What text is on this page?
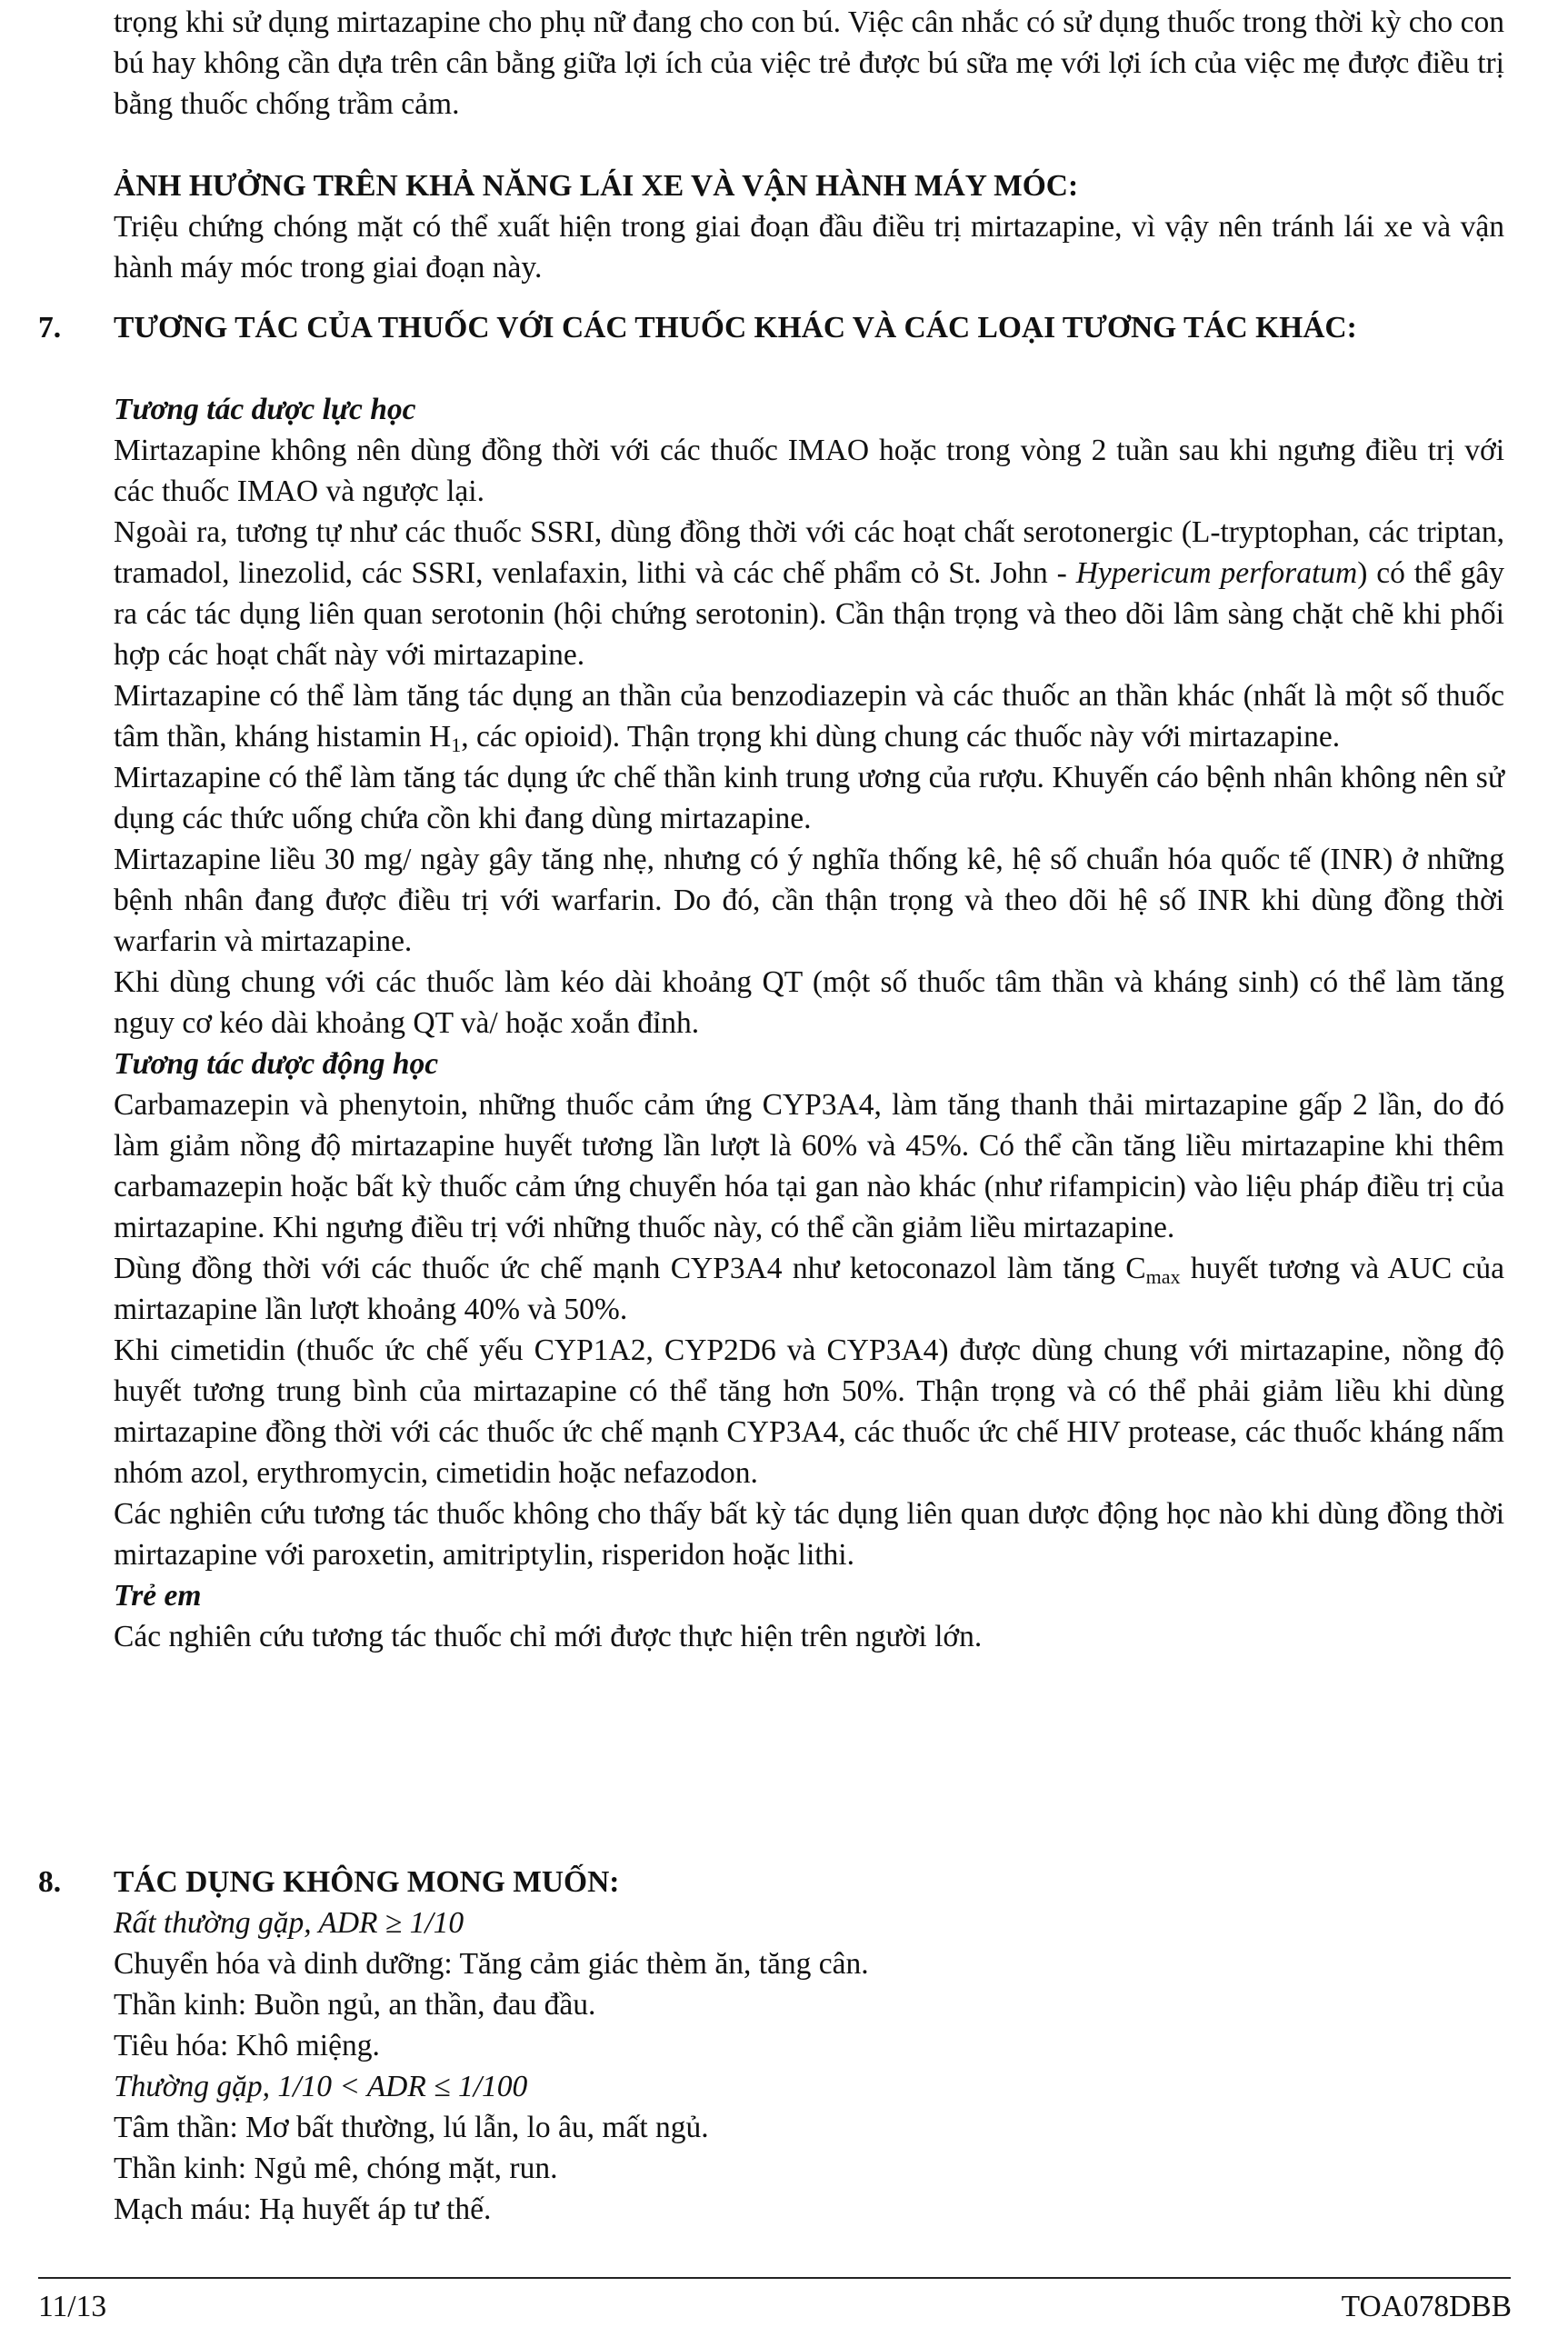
trọng khi sử dụng mirtazapine cho phụ nữ đang cho con bú. Việc cân nhắc có sử dụng thuốc trong thời kỳ cho con bú hay không cần dựa trên cân bằng giữa lợi ích của việc trẻ được bú sữa mẹ với lợi ích của việc mẹ được điều trị bằng thuốc chống trầm cảm.

ẢNH HƯỞNG TRÊN KHẢ NĂNG LÁI XE VÀ VẬN HÀNH MÁY MÓC:

Triệu chứng chóng mặt có thể xuất hiện trong giai đoạn đầu điều trị mirtazapine, vì vậy nên tránh lái xe và vận hành máy móc trong giai đoạn này.

7. TƯƠNG TÁC CỦA THUỐC VỚI CÁC THUỐC KHÁC VÀ CÁC LOẠI TƯƠNG TÁC KHÁC:

Tương tác dược lực học

Mirtazapine không nên dùng đồng thời với các thuốc IMAO hoặc trong vòng 2 tuần sau khi ngưng điều trị với các thuốc IMAO và ngược lại.

Ngoài ra, tương tự như các thuốc SSRI, dùng đồng thời với các hoạt chất serotonergic (L-tryptophan, các triptan, tramadol, linezolid, các SSRI, venlafaxin, lithi và các chế phẩm cỏ St. John - Hypericum perforatum) có thể gây ra các tác dụng liên quan serotonin (hội chứng serotonin). Cần thận trọng và theo dõi lâm sàng chặt chẽ khi phối hợp các hoạt chất này với mirtazapine.

Mirtazapine có thể làm tăng tác dụng an thần của benzodiazepin và các thuốc an thần khác (nhất là một số thuốc tâm thần, kháng histamin $H_1$, các opioid). Thận trọng khi dùng chung các thuốc này với mirtazapine.

Mirtazapine có thể làm tăng tác dụng ức chế thần kinh trung ương của rượu. Khuyến cáo bệnh nhân không nên sử dụng các thức uống chứa cồn khi đang dùng mirtazapine.

Mirtazapine liều 30 mg/ ngày gây tăng nhẹ, nhưng có ý nghĩa thống kê, hệ số chuẩn hóa quốc tế (INR) ở những bệnh nhân đang được điều trị với warfarin. Do đó, cần thận trọng và theo dõi hệ số INR khi dùng đồng thời warfarin và mirtazapine.

Khi dùng chung với các thuốc làm kéo dài khoảng QT (một số thuốc tâm thần và kháng sinh) có thể làm tăng nguy cơ kéo dài khoảng QT và/ hoặc xoắn đỉnh.

Tương tác dược động học

Carbamazepin và phenytoin, những thuốc cảm ứng CYP3A4, làm tăng thanh thải mirtazapine gấp 2 lần, do đó làm giảm nồng độ mirtazapine huyết tương lần lượt là 60% và 45%. Có thể cần tăng liều mirtazapine khi thêm carbamazepin hoặc bất kỳ thuốc cảm ứng chuyển hóa tại gan nào khác (như rifampicin) vào liệu pháp điều trị của mirtazapine. Khi ngưng điều trị với những thuốc này, có thể cần giảm liều mirtazapine.

Dùng đồng thời với các thuốc ức chế mạnh CYP3A4 như ketoconazol làm tăng $C_{max}$ huyết tương và AUC của mirtazapine lần lượt khoảng 40% và 50%.

Khi cimetidin (thuốc ức chế yếu CYP1A2, CYP2D6 và CYP3A4) được dùng chung với mirtazapine, nồng độ huyết tương trung bình của mirtazapine có thể tăng hơn 50%. Thận trọng và có thể phải giảm liều khi dùng mirtazapine đồng thời với các thuốc ức chế mạnh CYP3A4, các thuốc ức chế HIV protease, các thuốc kháng nấm nhóm azol, erythromycin, cimetidin hoặc nefazodon.

Các nghiên cứu tương tác thuốc không cho thấy bất kỳ tác dụng liên quan dược động học nào khi dùng đồng thời mirtazapine với paroxetin, amitriptylin, risperidon hoặc lithi.

Trẻ em

Các nghiên cứu tương tác thuốc chỉ mới được thực hiện trên người lớn.

8. TÁC DỤNG KHÔNG MONG MUỐN:

Rất thường gặp, ADR ≥ 1/10

Chuyển hóa và dinh dưỡng: Tăng cảm giác thèm ăn, tăng cân.

Thần kinh: Buồn ngủ, an thần, đau đầu.

Tiêu hóa: Khô miệng.

Thường gặp, 1/10 < ADR ≤ 1/100

Tâm thần: Mơ bất thường, lú lẫn, lo âu, mất ngủ.

Thần kinh: Ngủ mê, chóng mặt, run.

Mạch máu: Hạ huyết áp tư thế.

11/13	TOA078DBB
